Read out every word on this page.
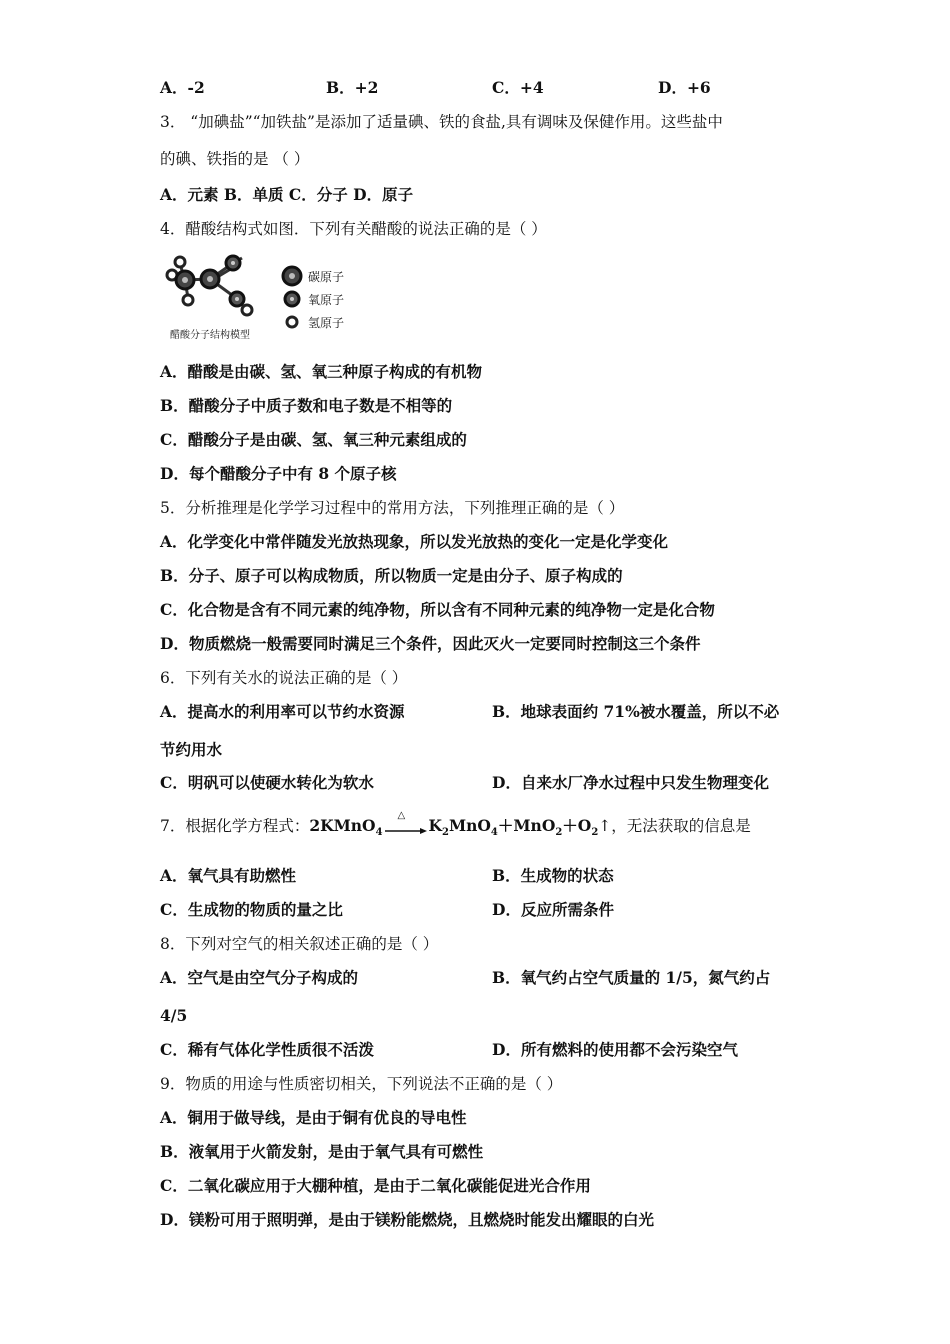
A．-2	B．+2	C．+4	D．+6
3． “加碘盐”“加铁盐”是添加了适量碘、铁的食盐,具有调味及保健作用。这些盐中
的碘、铁指的是 （ ）
A．元素 B．单质 C．分子 D．原子
4．醋酸结构式如图．下列有关醋酸的说法正确的是（ ）
碳原子
氧原子
氢原子
醋酸分子结构模型
A．醋酸是由碳、氢、氧三种原子构成的有机物
B．醋酸分子中质子数和电子数是不相等的
C．醋酸分子是由碳、氢、氧三种元素组成的
D．每个醋酸分子中有 8 个原子核
5．分析推理是化学学习过程中的常用方法，下列推理正确的是（ ）
A．化学变化中常伴随发光放热现象，所以发光放热的变化一定是化学变化
B．分子、原子可以构成物质，所以物质一定是由分子、原子构成的
C．化合物是含有不同元素的纯净物，所以含有不同种元素的纯净物一定是化合物
D．物质燃烧一般需要同时满足三个条件，因此灭火一定要同时控制这三个条件
6．下列有关水的说法正确的是（ ）
A．提高水的利用率可以节约水资源	B．地球表面约 71%被水覆盖，所以不必
节约用水
C．明矾可以使硬水转化为软水	D．自来水厂净水过程中只发生物理变化
7．根据化学方程式：2KMnO$_4$
△
$K_2MnO_4+MnO_2+O_2↑$，无法获取的信息是
A．氧气具有助燃性	B．生成物的状态
C．生成物的物质的量之比	D．反应所需条件
8．下列对空气的相关叙述正确的是（ ）
A．空气是由空气分子构成的	B．氧气约占空气质量的 1/5，氮气约占
4/5
C．稀有气体化学性质很不活泼	D．所有燃料的使用都不会污染空气
9．物质的用途与性质密切相关，下列说法不正确的是（ ）
A．铜用于做导线，是由于铜有优良的导电性
B．液氧用于火箭发射，是由于氧气具有可燃性
C．二氧化碳应用于大棚种植，是由于二氧化碳能促进光合作用
D．镁粉可用于照明弹，是由于镁粉能燃烧，且燃烧时能发出耀眼的白光
